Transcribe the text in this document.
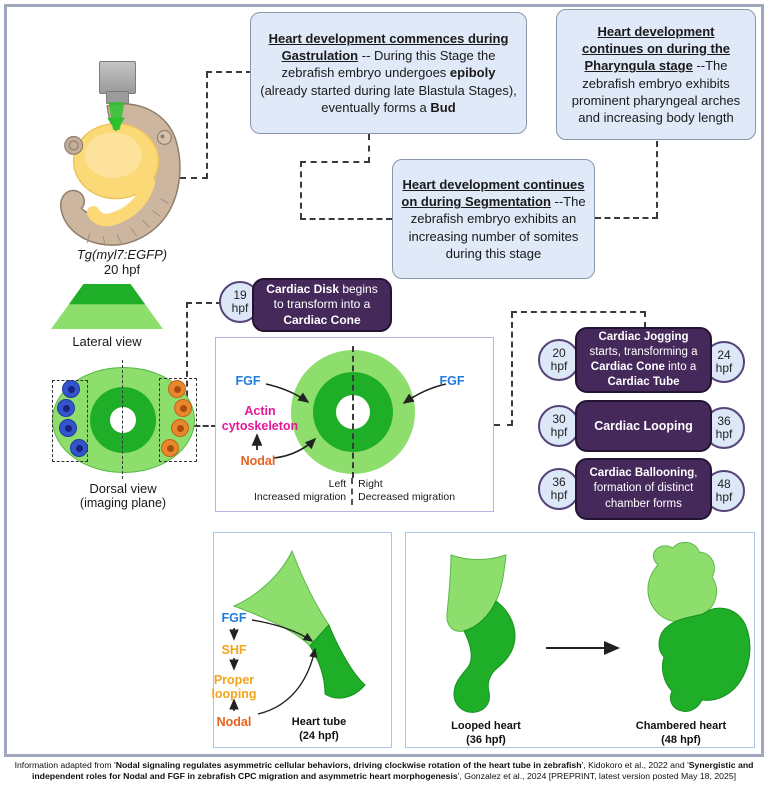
Tg(myl7:EGFP)
20 hpf
Heart development commences during Gastrulation -- During this Stage the zebrafish embryo undergoes epiboly (already started during late Blastula Stages), eventually forms a Bud
Heart development continues on during the Pharyngula stage --The zebrafish embryo exhibits prominent pharyngeal arches and increasing body length
Heart development continues on during Segmentation --The zebrafish embryo exhibits an increasing number of somites during this stage
Lateral view
Dorsal view
(imaging plane)
19
hpf
Cardiac Disk begins to transform into a Cardiac Cone
FGF	FGF
Actin cytoskeleton
Nodal
Left
Increased migration
Right
Decreased migration
20
hpf
24
hpf
Cardiac Jogging starts, transforming a Cardiac Cone into a Cardiac Tube
30
hpf
36
hpf
Cardiac Looping
36
hpf
48
hpf
Cardiac Ballooning, formation of distinct chamber forms
FGF
SHF
Proper looping
Nodal	Heart tube
(24 hpf)
Looped heart
(36 hpf)
Chambered heart
(48 hpf)
Information adapted from 'Nodal signaling regulates asymmetric cellular behaviors, driving clockwise rotation of the heart tube in zebrafish', Kidokoro et al., 2022 and 'Synergistic and independent roles for Nodal and FGF in zebrafish CPC migration and asymmetric heart morphogenesis', Gonzalez et al., 2024 [PREPRINT, latest version posted May 18, 2025]
